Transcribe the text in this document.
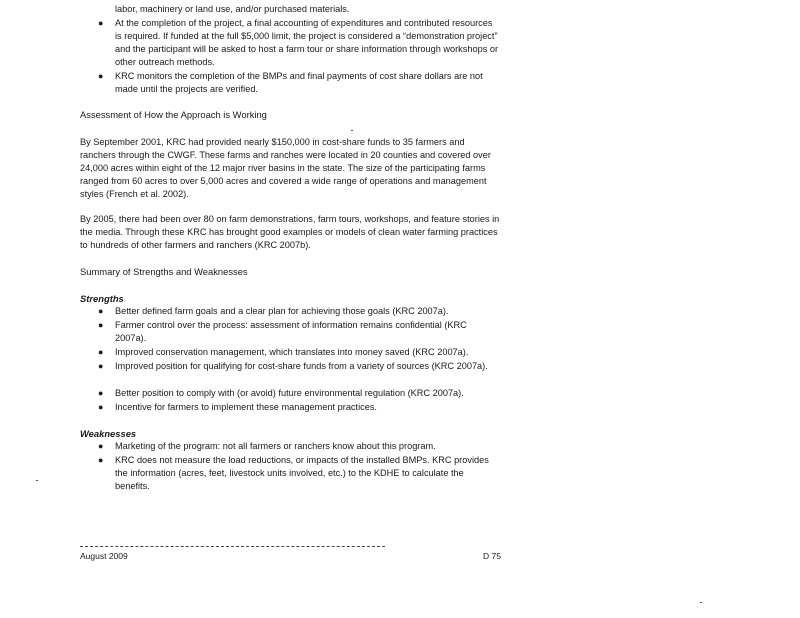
labor, machinery or land use, and/or purchased materials.
● At the completion of the project, a final accounting of expenditures and contributed resources is required. If funded at the full $5,000 limit, the project is considered a “demonstration project” and the participant will be asked to host a farm tour or share information through workshops or other outreach methods.
● KRC monitors the completion of the BMPs and final payments of cost share dollars are not made until the projects are verified.
Assessment of How the Approach is Working
By September 2001, KRC had provided nearly $150,000 in cost-share funds to 35 farmers and ranchers through the CWGF. These farms and ranches were located in 20 counties and covered over 24,000 acres within eight of the 12 major river basins in the state. The size of the participating farms ranged from 60 acres to over 5,000 acres and covered a wide range of operations and management styles (French et al. 2002).
By 2005, there had been over 80 on farm demonstrations, farm tours, workshops, and feature stories in the media. Through these KRC has brought good examples or models of clean water farming practices to hundreds of other farmers and ranchers (KRC 2007b).
Summary of Strengths and Weaknesses
Strengths
● Better defined farm goals and a clear plan for achieving those goals (KRC 2007a).
● Farmer control over the process: assessment of information remains confidential (KRC 2007a).
● Improved conservation management, which translates into money saved (KRC 2007a).
● Improved position for qualifying for cost-share funds from a variety of sources (KRC 2007a).
● Better position to comply with (or avoid) future environmental regulation (KRC 2007a).
● Incentive for farmers to implement these management practices.
Weaknesses
● Marketing of the program: not all farmers or ranchers know about this program.
● KRC does not measure the load reductions, or impacts of the installed BMPs. KRC provides the information (acres, feet, livestock units involved, etc.) to the KDHE to calculate the benefits.
August 2009	D 75
